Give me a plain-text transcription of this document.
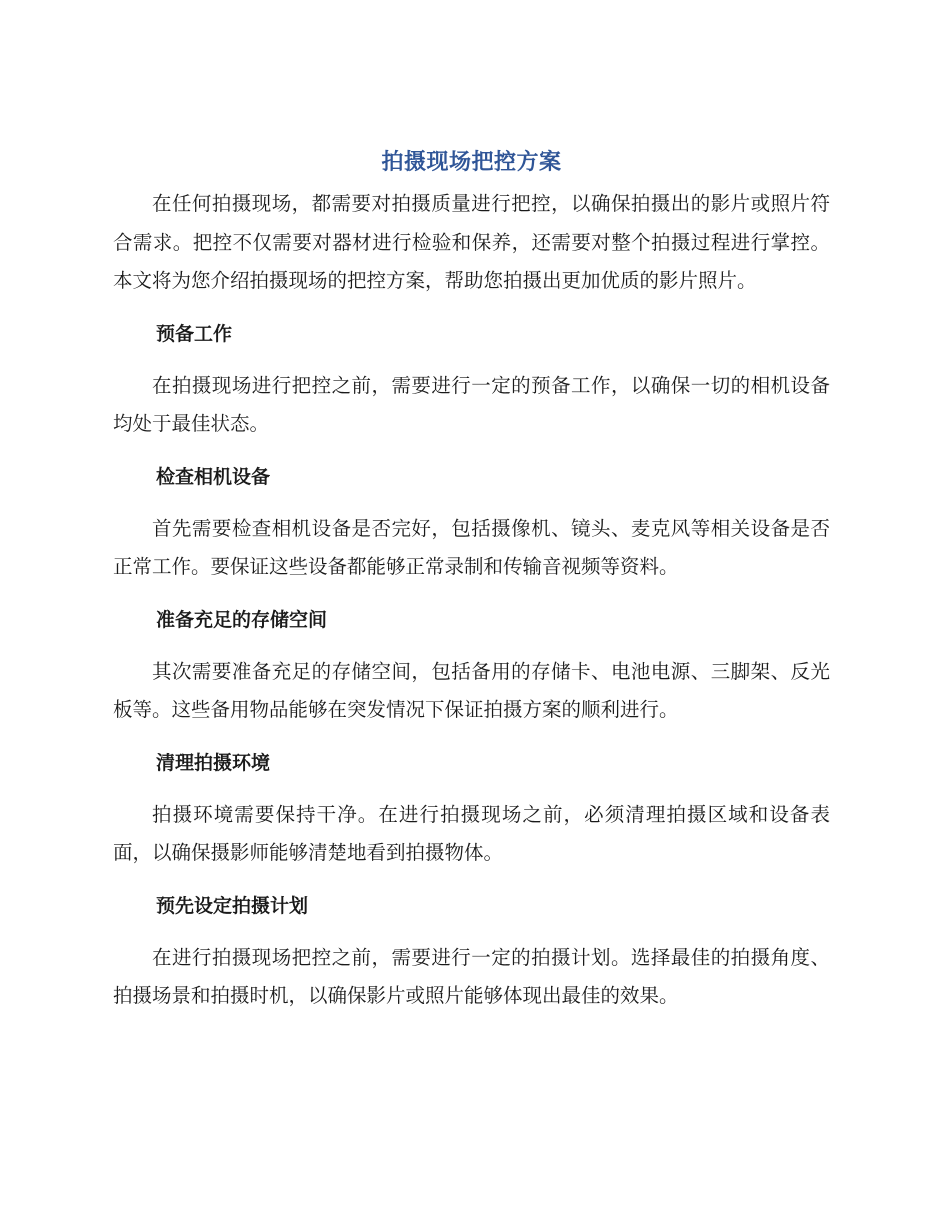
拍摄现场把控方案

在任何拍摄现场，都需要对拍摄质量进行把控，以确保拍摄出的影片或照片符合需求。把控不仅需要对器材进行检验和保养，还需要对整个拍摄过程进行掌控。本文将为您介绍拍摄现场的把控方案，帮助您拍摄出更加优质的影片照片。

预备工作

在拍摄现场进行把控之前，需要进行一定的预备工作，以确保一切的相机设备均处于最佳状态。

检查相机设备

首先需要检查相机设备是否完好，包括摄像机、镜头、麦克风等相关设备是否正常工作。要保证这些设备都能够正常录制和传输音视频等资料。

准备充足的存储空间

其次需要准备充足的存储空间，包括备用的存储卡、电池电源、三脚架、反光板等。这些备用物品能够在突发情况下保证拍摄方案的顺利进行。

清理拍摄环境

拍摄环境需要保持干净。在进行拍摄现场之前，必须清理拍摄区域和设备表面，以确保摄影师能够清楚地看到拍摄物体。

预先设定拍摄计划

在进行拍摄现场把控之前，需要进行一定的拍摄计划。选择最佳的拍摄角度、拍摄场景和拍摄时机，以确保影片或照片能够体现出最佳的效果。
